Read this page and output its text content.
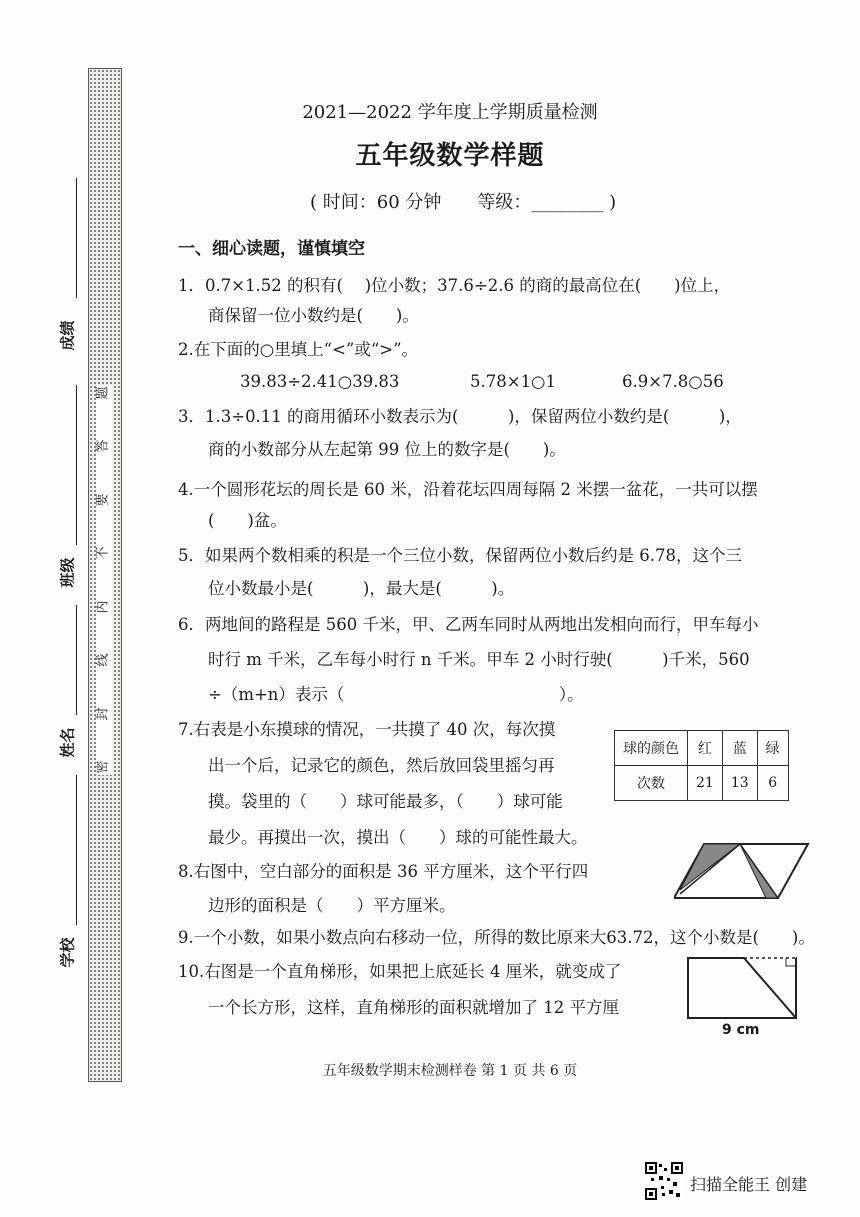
题
答
要
不
内
线
封
密
成绩
班级
姓名
学校
2021—2022 学年度上学期质量检测
五年级数学样题
( 时间：60 分钟　　等级：________ )
一、细心读题，谨慎填空
1．0.7×1.52 的积有(　 )位小数；37.6÷2.6 的商的最高位在(　　)位上，
商保留一位小数约是(　　)。
2.在下面的○里填上“<”或“>”。
39.83÷2.41○39.83	5.78×1○1	6.9×7.8○56
3．1.3÷0.11 的商用循环小数表示为(　　　)，保留两位小数约是(　　　)，
商的小数部分从左起第 99 位上的数字是(　　)。
4.一个圆形花坛的周长是 60 米，沿着花坛四周每隔 2 米摆一盆花，一共可以摆
(　　)盆。
5．如果两个数相乘的积是一个三位小数，保留两位小数后约是 6.78，这个三
位小数最小是(　　　)，最大是(　　　)。
6．两地间的路程是 560 千米，甲、乙两车同时从两地出发相向而行，甲车每小
时行 m 千米，乙车每小时行 n 千米。甲车 2 小时行驶(　　　)千米，560
÷（m+n）表示（　　　　　　　　　　　　　）。
7.右表是小东摸球的情况，一共摸了 40 次，每次摸
出一个后，记录它的颜色，然后放回袋里摇匀再
摸。袋里的（　　）球可能最多，（　　）球可能
最少。再摸出一次，摸出（　　）球的可能性最大。
球的颜色	红	蓝	绿
次数	21	13	6
8.右图中，空白部分的面积是 36 平方厘米，这个平行四
边形的面积是（　　）平方厘米。
9.一个小数，如果小数点向右移动一位，所得的数比原来大63.72，这个小数是(　　)。
10.右图是一个直角梯形，如果把上底延长 4 厘米，就变成了
一个长方形，这样，直角梯形的面积就增加了 12 平方厘
9 cm
五年级数学期末检测样卷 第 1 页 共 6 页
扫描全能王 创建
